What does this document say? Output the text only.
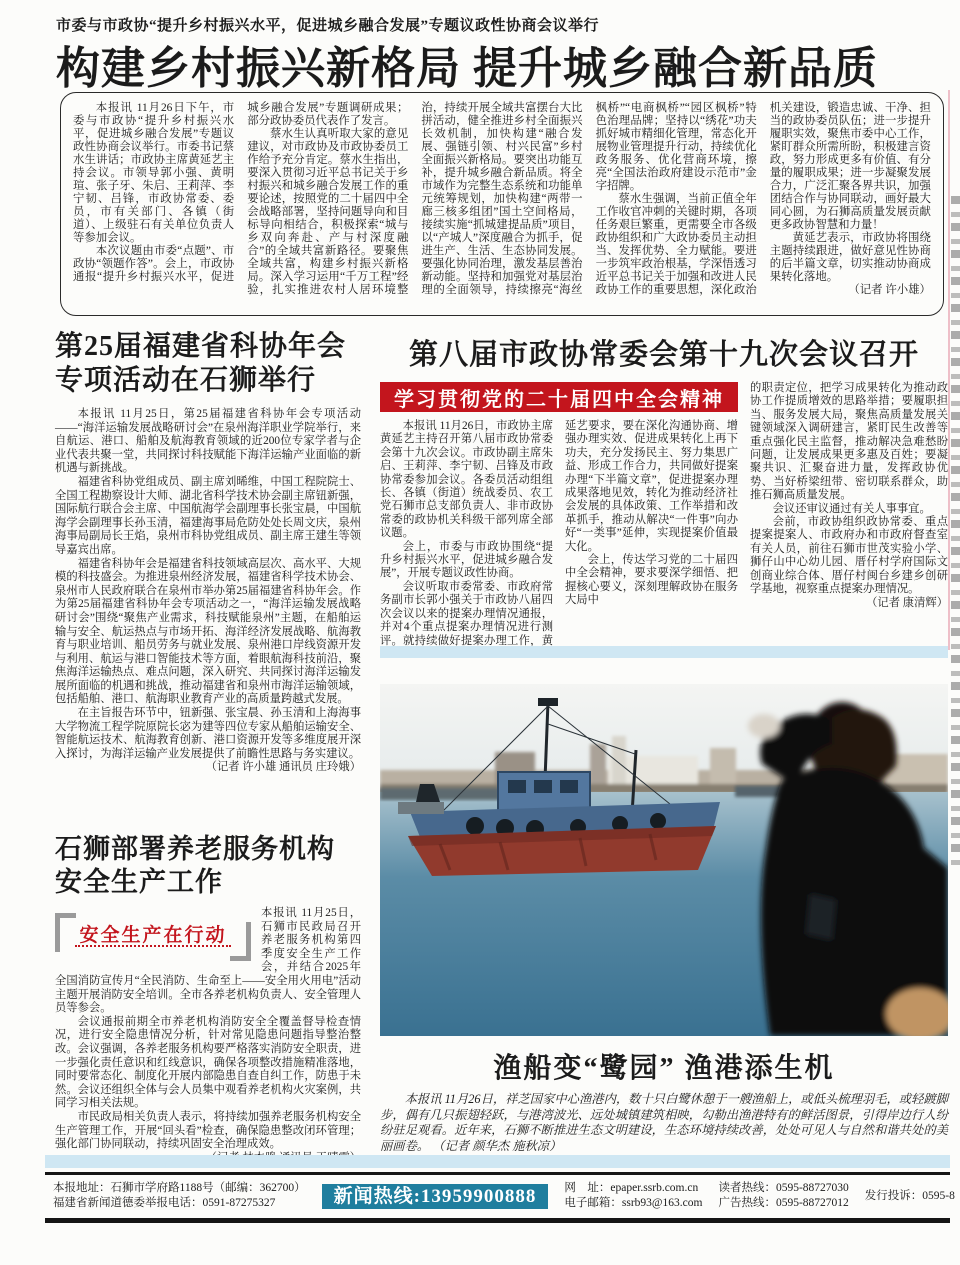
市委与市政协“提升乡村振兴水平，促进城乡融合发展”专题议政性协商会议举行
构建乡村振兴新格局 提升城乡融合新品质

本报讯 11月26日下午，市委与市政协“提升乡村振兴水平，促进城乡融合发展”专题议政性协商会议举行。市委书记蔡水生讲话；市政协主席黄延艺主持会议。市领导郭小强、黄明瑄、张子牙、朱启、王莉萍、李宁韧、吕锋，市政协常委、委员，市有关部门、各镇（街道）、上级驻石有关单位负责人等参加会议。

本次议题由市委“点题”、市政协“领题作答”。会上，市政协通报“提升乡村振兴水平，促进城乡融合发展”专题调研成果；部分政协委员代表作了发言。

蔡水生认真听取大家的意见建议，对市政协及市政协委员工作给予充分肯定。蔡水生指出，要深入贯彻习近平总书记关于乡村振兴和城乡融合发展工作的重要论述，按照党的二十届四中全会战略部署，坚持问题导向和目标导向相结合，积极探索“城与乡双向奔赴、产与村深度融合”的全域共富新路径。要聚焦全域共富，构建乡村振兴新格局。深入学习运用“千万工程”经验，扎实推进农村人居环境整治，持续开展全域共富摆台大比拼活动，健全推进乡村全面振兴长效机制，加快构建“融合发展、强链引领、村兴民富”乡村全面振兴新格局。要突出功能互补，提升城乡融合新品质。将全市域作为完整生态系统和功能单元统筹规划，加快构建“两带一廊三核多组团”国土空间格局，接续实施“抓城建提品质”项目，以“产城人”深度融合为抓手，促进生产、生活、生态协同发展。要强化协同治理，激发基层善治新动能。坚持和加强党对基层治理的全面领导，持续擦亮“海丝枫桥”“电商枫桥”“园区枫桥”特色治理品牌；坚持以“绣花”功夫抓好城市精细化管理，常态化开展物业管理提升行动，持续优化政务服务、优化营商环境，擦亮“全国法治政府建设示范市”金字招牌。

蔡水生强调，当前正值全年工作收官冲刺的关键时期，各项任务艰巨繁重，更需要全市各级政协组织和广大政协委员主动担当、发挥优势、全力赋能。要进一步筑牢政治根基，学深悟透习近平总书记关于加强和改进人民政协工作的重要思想，深化政治机关建设，锻造忠诚、干净、担当的政协委员队伍；进一步提升履职实效，聚焦市委中心工作，紧盯群众所需所盼，积极建言资政，努力形成更多有价值、有分量的履职成果；进一步凝聚发展合力，广泛汇聚各界共识，加强团结合作与协同联动，画好最大同心圆，为石狮高质量发展贡献更多政协智慧和力量！

黄延艺表示，市政协将围绕主题持续跟进，做好意见性协商的后半篇文章，切实推动协商成果转化落地。

（记者 许小雄）

第25届福建省科协年会
专项活动在石狮举行

本报讯 11月25日，第25届福建省科协年会专项活动——“海洋运输发展战略研讨会”在泉州海洋职业学院举行，来自航运、港口、船舶及航海教育领域的近200位专家学者与企业代表共聚一堂，共同探讨科技赋能下海洋运输产业面临的新机遇与新挑战。

福建省科协党组成员、副主席刘晞维，中国工程院院士、全国工程勘察设计大师、湖北省科学技术协会副主席钮新强，国际航行联合会主席、中国航海学会副理事长张宝晨，中国航海学会副理事长孙玉清，福建海事局危防处处长周文庆，泉州海事局副局长王焰，泉州市科协党组成员、副主席王建生等领导嘉宾出席。

福建省科协年会是福建省科技领域高层次、高水平、大规模的科技盛会。为推进泉州经济发展，福建省科学技术协会、泉州市人民政府联合在泉州市举办第25届福建省科协年会。作为第25届福建省科协年会专项活动之一，“海洋运输发展战略研讨会”围绕“聚焦产业需求，科技赋能泉州”主题，在船舶运输与安全、航运热点与市场开拓、海洋经济发展战略、航海教育与职业培训、船员劳务与就业发展、泉州港口岸线资源开发与利用、航运与港口智能技术等方面，着眼航海科技前沿，聚焦海洋运输热点、难点问题，深入研究、共同探讨海洋运输发展所面临的机遇和挑战，推动福建省和泉州市海洋运输领域，包括船舶、港口、航海职业教育产业的高质量跨越式发展。

在主旨报告环节中，钮新强、张宝晨、孙玉清和上海海事大学物流工程学院原院长宓为建等四位专家从船舶运输安全、智能航运技术、航海教育创新、港口资源开发等多维度展开深入探讨，为海洋运输产业发展提供了前瞻性思路与务实建议。

（记者 许小雄 通讯员 庄玲娥）

第八届市政协常委会第十九次会议召开
学习贯彻党的二十届四中全会精神

本报讯 11月26日，市政协主席黄延艺主持召开第八届市政协常委会第十九次会议。市政协副主席朱启、王莉萍、李宁韧、吕锋及市政协常委参加会议。各委员活动组组长、各镇（街道）统战委员、农工党石狮市总支部负责人、非市政协常委的政协机关科级干部列席全部议题。

会上，市委与市政协围绕“提升乡村振兴水平，促进城乡融合发展”，开展专题议政性协商。

会议听取市委常委、市政府常务副市长郭小强关于市政协八届四次会议以来的提案办理情况通报，并对4个重点提案办理情况进行测评。就持续做好提案办理工作，黄延艺要求，要在深化沟通协商、增强办理实效、促进成果转化上再下功夫，充分发扬民主、努力集思广益、形成工作合力，共同做好提案办理“下半篇文章”，促进提案办理成果落地见效，转化为推动经济社会发展的具体政策、工作举措和改革抓手，推动从解决“一件事”向办好“一类事”延伸，实现提案价值最大化。

会上，传达学习党的二十届四中全会精神，要求要深学细悟、把握核心要义，深刻理解政协在服务大局中

的职责定位，把学习成果转化为推动政协工作提质增效的思路举措；要履职担当、服务发展大局，聚焦高质量发展关键领域深入调研建言，紧盯民生改善等重点强化民主监督，推动解决急难愁盼问题，让发展成果更多惠及百姓；要凝聚共识、汇聚奋进力量，发挥政协优势、当好桥梁纽带、密切联系群众，助推石狮高质量发展。

会议还审议通过有关人事事宜。

会前，市政协组织政协常委、重点提案提案人、市政府办和市政府督查室有关人员，前往石狮市世茂实验小学、狮仔山中心幼儿园、厝仔村学府国际文创商业综合体、厝仔村闽台乡建乡创研学基地，视察重点提案办理情况。

（记者 康清辉）

石狮部署养老服务机构
安全生产工作
安全生产在行动

本报讯 11月25日，石狮市民政局召开养老服务机构第四季度安全生产工作会，并结合2025年全国消防宣传月“全民消防、生命至上——安全用火用电”活动主题开展消防安全培训。全市各养老机构负责人、安全管理人员等参会。

会议通报前期全市养老机构消防安全全覆盖督导检查情况，进行安全隐患情况分析，针对常见隐患问题指导整治整改。会议强调，各养老服务机构要严格落实消防安全职责，进一步强化责任意识和红线意识，确保各项整改措施精准落地，同时要常态化、制度化开展内部隐患自查自纠工作，防患于未然。会议还组织全体与会人员集中观看养老机构火灾案例，共同学习相关法规。

市民政局相关负责人表示，将持续加强养老服务机构安全生产管理工作，开展“回头看”检查，确保隐患整改闭环管理；强化部门协同联动，持续巩固安全治理成效。

渔船变“鹭园” 渔港添生机

本报讯 11月26日，祥芝国家中心渔港内，数十只白鹭休憩于一艘渔船上，或低头梳理羽毛，或轻踱脚步，偶有几只振翅轻跃，与港湾波光、远处城镇建筑相映，勾勒出渔港特有的鲜活图景，引得岸边行人纷纷驻足观看。近年来，石狮不断推进生态文明建设，生态环境持续改善，处处可见人与自然和谐共处的美丽画卷。 （记者 颜华杰 施秋凉）

本报地址：石狮市学府路1188号（邮编：362700）
福建省新闻道德委举报电话：0591-87275327	新闻热线:13959900888	网　址：epaper.ssrb.com.cn
电子邮箱：ssrb93@163.com
读者热线：0595-88727030
广告热线：0595-88727012
发行投诉：0595-8
